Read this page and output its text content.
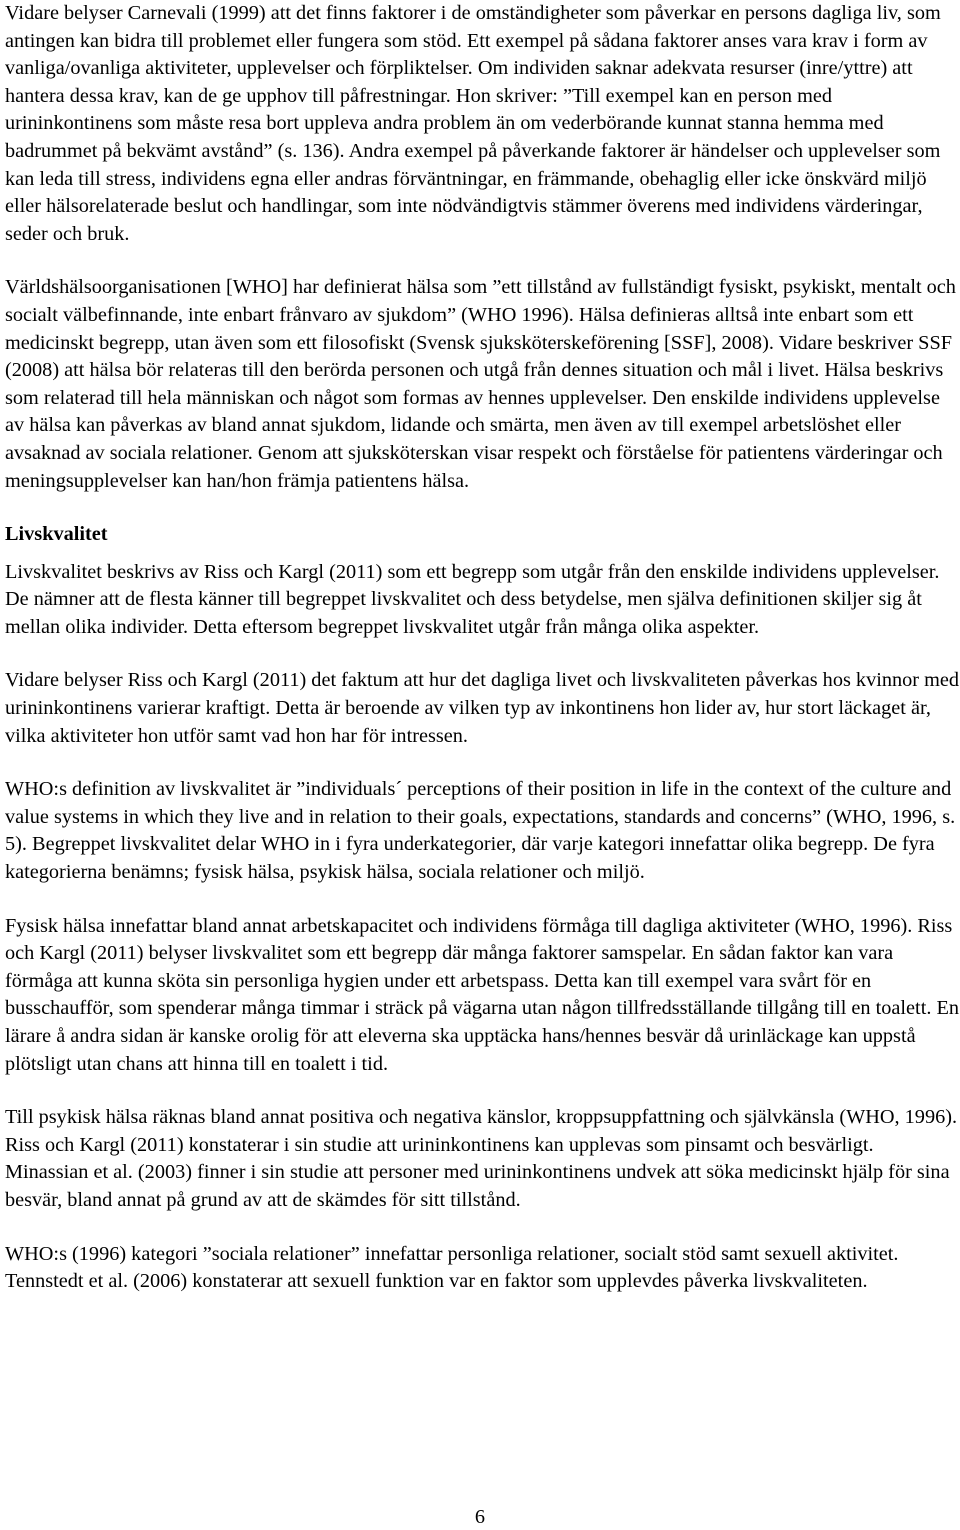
Vidare belyser Carnevali (1999) att det finns faktorer i de omständigheter som påverkar en persons dagliga liv, som antingen kan bidra till problemet eller fungera som stöd. Ett exempel på sådana faktorer anses vara krav i form av vanliga/ovanliga aktiviteter, upplevelser och förpliktelser. Om individen saknar adekvata resurser (inre/yttre) att hantera dessa krav, kan de ge upphov till påfrestningar. Hon skriver: ”Till exempel kan en person med urininkontinens som måste resa bort uppleva andra problem än om vederbörande kunnat stanna hemma med badrummet på bekvämt avstånd” (s. 136). Andra exempel på påverkande faktorer är händelser och upplevelser som kan leda till stress, individens egna eller andras förväntningar, en främmande, obehaglig eller icke önskvärd miljö eller hälsorelaterade beslut och handlingar, som inte nödvändigtvis stämmer överens med individens värderingar, seder och bruk.

Världshälsoorganisationen [WHO] har definierat hälsa som ”ett tillstånd av fullständigt fysiskt, psykiskt, mentalt och socialt välbefinnande, inte enbart frånvaro av sjukdom” (WHO 1996). Hälsa definieras alltså inte enbart som ett medicinskt begrepp, utan även som ett filosofiskt (Svensk sjuksköterskeförening [SSF], 2008). Vidare beskriver SSF (2008) att hälsa bör relateras till den berörda personen och utgå från dennes situation och mål i livet. Hälsa beskrivs som relaterad till hela människan och något som formas av hennes upplevelser. Den enskilde individens upplevelse av hälsa kan påverkas av bland annat sjukdom, lidande och smärta, men även av till exempel arbetslöshet eller avsaknad av sociala relationer. Genom att sjuksköterskan visar respekt och förståelse för patientens värderingar och meningsupplevelser kan han/hon främja patientens hälsa.

Livskvalitet

Livskvalitet beskrivs av Riss och Kargl (2011) som ett begrepp som utgår från den enskilde individens upplevelser. De nämner att de flesta känner till begreppet livskvalitet och dess betydelse, men själva definitionen skiljer sig åt mellan olika individer. Detta eftersom begreppet livskvalitet utgår från många olika aspekter.

Vidare belyser Riss och Kargl (2011) det faktum att hur det dagliga livet och livskvaliteten påverkas hos kvinnor med urininkontinens varierar kraftigt. Detta är beroende av vilken typ av inkontinens hon lider av, hur stort läckaget är, vilka aktiviteter hon utför samt vad hon har för intressen.

WHO:s definition av livskvalitet är ”individuals´ perceptions of their position in life in the context of the culture and value systems in which they live and in relation to their goals, expectations, standards and concerns” (WHO, 1996, s. 5). Begreppet livskvalitet delar WHO in i fyra underkategorier, där varje kategori innefattar olika begrepp. De fyra kategorierna benämns; fysisk hälsa, psykisk hälsa, sociala relationer och miljö.

Fysisk hälsa innefattar bland annat arbetskapacitet och individens förmåga till dagliga aktiviteter (WHO, 1996). Riss och Kargl (2011) belyser livskvalitet som ett begrepp där många faktorer samspelar. En sådan faktor kan vara förmåga att kunna sköta sin personliga hygien under ett arbetspass. Detta kan till exempel vara svårt för en busschaufför, som spenderar många timmar i sträck på vägarna utan någon tillfredsställande tillgång till en toalett. En lärare å andra sidan är kanske orolig för att eleverna ska upptäcka hans/hennes besvär då urinläckage kan uppstå plötsligt utan chans att hinna till en toalett i tid.

Till psykisk hälsa räknas bland annat positiva och negativa känslor, kroppsuppfattning och självkänsla (WHO, 1996). Riss och Kargl (2011) konstaterar i sin studie att urininkontinens kan upplevas som pinsamt och besvärligt. Minassian et al. (2003) finner i sin studie att personer med urininkontinens undvek att söka medicinskt hjälp för sina besvär, bland annat på grund av att de skämdes för sitt tillstånd.

WHO:s (1996) kategori ”sociala relationer” innefattar personliga relationer, socialt stöd samt sexuell aktivitet. Tennstedt et al. (2006) konstaterar att sexuell funktion var en faktor som upplevdes påverka livskvaliteten.

6
